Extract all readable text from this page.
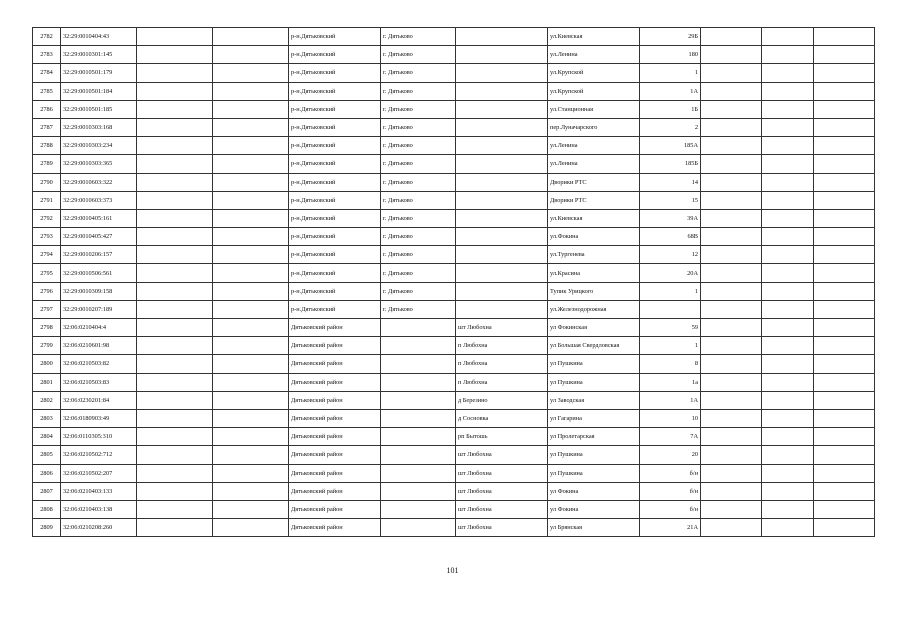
2782	32:29:0010404:43			р-н.Дятьковский	г. Дятьково		ул.Киевская	29Б			
2783	32:29:0010301:145			р-н.Дятьковский	г. Дятьково		ул.Ленина	180			
2784	32:29:0010501:179			р-н.Дятьковский	г. Дятьково		ул.Крупской	1			
2785	32:29:0010501:184			р-н.Дятьковский	г. Дятьково		ул.Крупской	1А			
2786	32:29:0010501:185			р-н.Дятьковский	г. Дятьково		ул.Станционная	1Б			
2787	32:29:0010303:168			р-н.Дятьковский	г. Дятьково		пер.Луначарского	2			
2788	32:29:0010303:234			р-н.Дятьковский	г. Дятьково		ул.Ленина	185А			
2789	32:29:0010303:365			р-н.Дятьковский	г. Дятьково		ул.Ленина	185Б			
2790	32:29:0010603:322			р-н.Дятьковский	г. Дятьково		Дворики РТС	14			
2791	32:29:0010603:373			р-н.Дятьковский	г. Дятьково		Дворики РТС	15			
2792	32:29:0010405:161			р-н.Дятьковский	г. Дятьково		ул.Киевская	39А			
2793	32:29:0010405:427			р-н.Дятьковский	г. Дятьково		ул.Фокина	68В			
2794	32:29:0010206:157			р-н.Дятьковский	г. Дятьково		ул.Тургенева	12			
2795	32:29:0010506:561			р-н.Дятьковский	г. Дятьково		ул.Красина	20А			
2796	32:29:0010309:158			р-н.Дятьковский	г. Дятьково		Тупик Урицкого	1			
2797	32:29:0010207:189			р-н.Дятьковский	г. Дятьково		ул.Железнодорожная				
2798	32:06:0210404:4			Дятьковский район		шт Любохна	ул Фокинская	59			
2799	32:06:0210601:98			Дятьковский район		п Любохна	ул Большая Свердловская	1			
2800	32:06:0210503:82			Дятьковский район		п Любохна	ул Пушкина	8			
2801	32:06:0210503:83			Дятьковский район		п Любохна	ул Пушкина	1а			
2802	32:06:0230201:84			Дятьковский район		д Березино	ул Заводская	1А			
2803	32:06:0180903:49			Дятьковский район		д Сосновка	ул Гагарина	10			
2804	32:06:0110305:310			Дятьковский район		рп Бытошь	ул Пролетарская	7А			
2805	32:06:0210502:712			Дятьковский район		шт Любохна	ул Пушкина	20			
2806	32:06:0210502:207			Дятьковский район		шт Любохна	ул Пушкина	б/н			
2807	32:06:0210403:133			Дятьковский район		шт Любохна	ул Фокина	б/н			
2808	32:06:0210403:138			Дятьковский район		шт Любохна	ул Фокина	б/н			
2809	32:06:0210208:260			Дятьковский район		шт Любохна	ул Брянская	21А			
101
